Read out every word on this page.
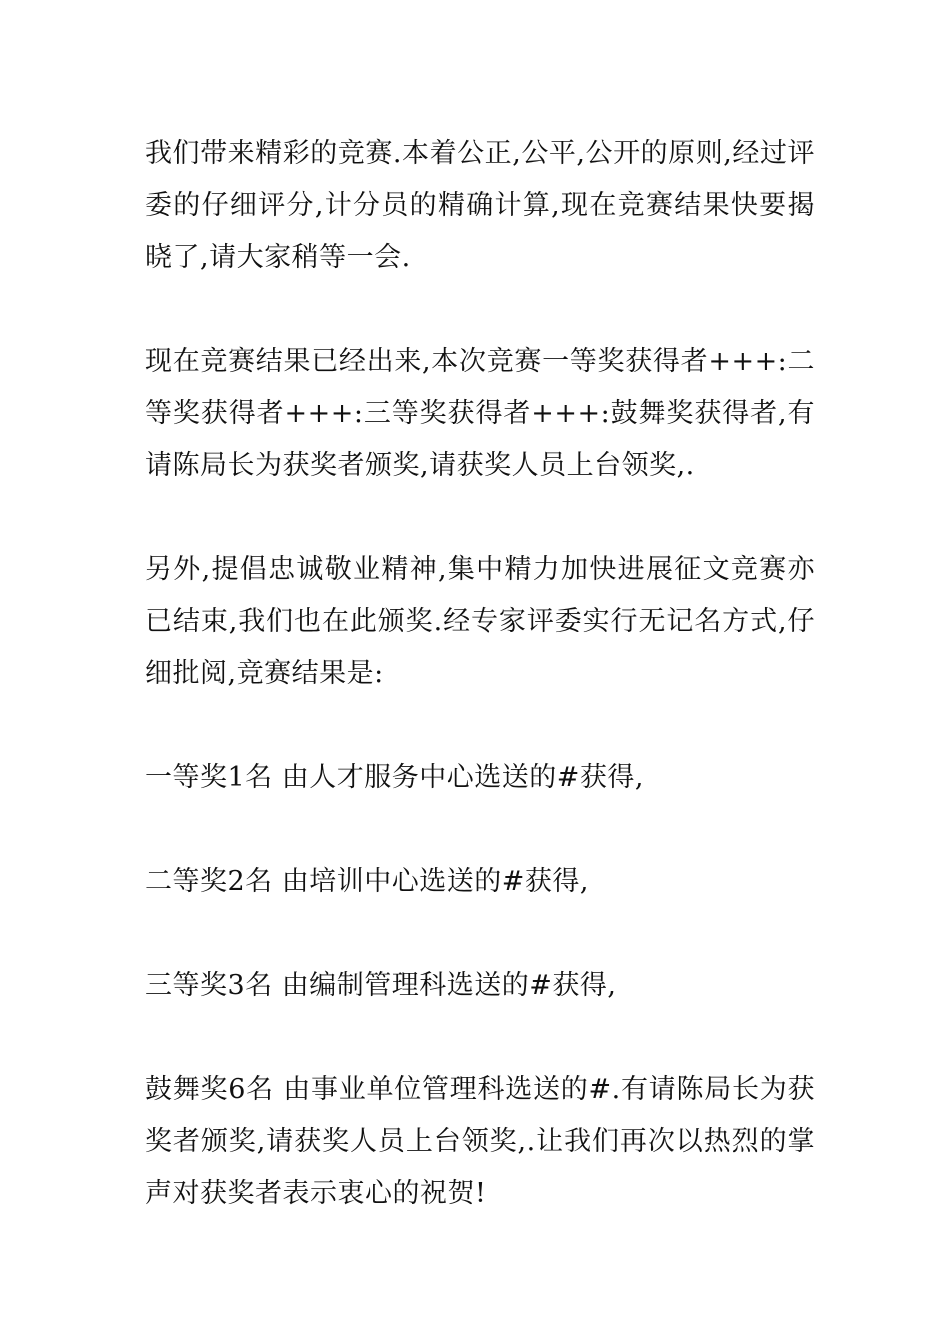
我们带来精彩的竞赛.本着公正,公平,公开的原则,经过评委的仔细评分,计分员的精确计算,现在竞赛结果快要揭晓了,请大家稍等一会.

现在竞赛结果已经出来,本次竞赛一等奖获得者+++:二等奖获得者+++:三等奖获得者+++:鼓舞奖获得者,有请陈局长为获奖者颁奖,请获奖人员上台领奖,.

另外,提倡忠诚敬业精神,集中精力加快进展征文竞赛亦已结束,我们也在此颁奖.经专家评委实行无记名方式,仔细批阅,竞赛结果是:

一等奖1名 由人才服务中心选送的#获得,

二等奖2名 由培训中心选送的#获得,

三等奖3名 由编制管理科选送的#获得,

鼓舞奖6名 由事业单位管理科选送的#.有请陈局长为获奖者颁奖,请获奖人员上台领奖,.让我们再次以热烈的掌声对获奖者表示衷心的祝贺!
